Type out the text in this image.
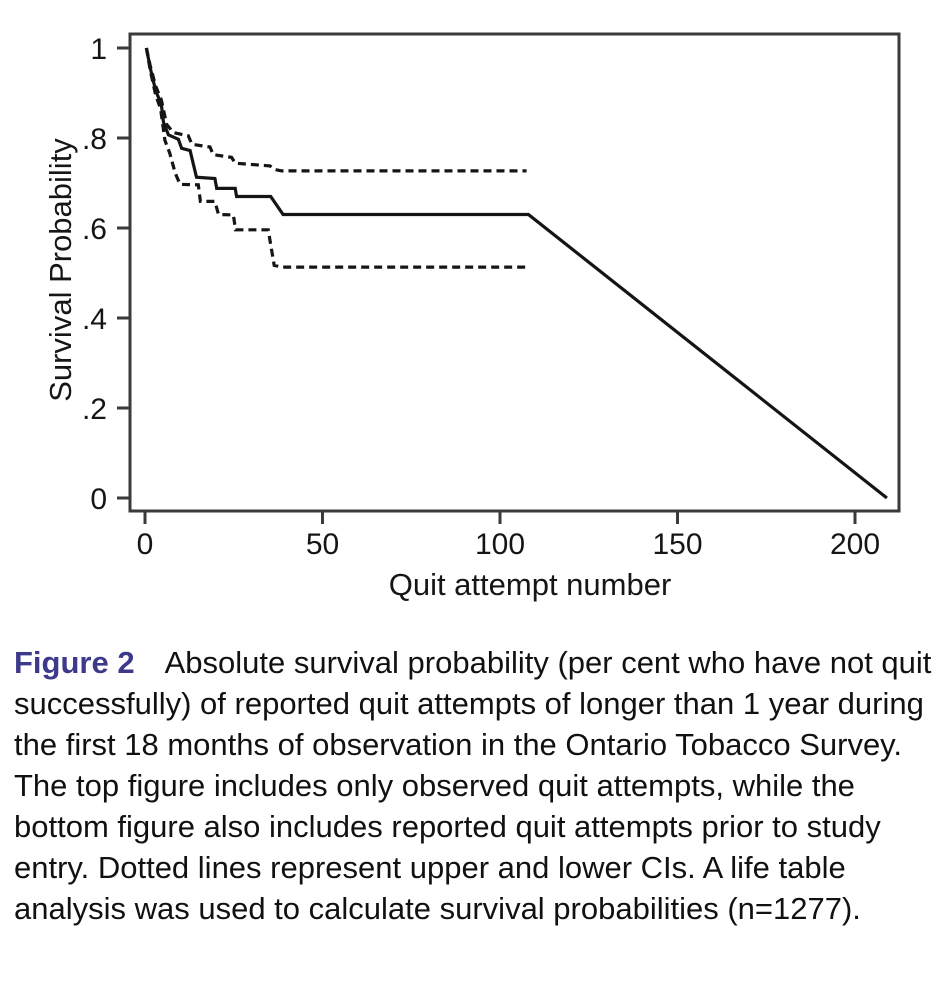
1
.8
.6
.4
.2
0
0	50	100	150	200
Survival Probability
Quit attempt number

Figure 2 Absolute survival probability (per cent who have not quit successfully) of reported quit attempts of longer than 1 year during the first 18 months of observation in the Ontario Tobacco Survey. The top figure includes only observed quit attempts, while the bottom figure also includes reported quit attempts prior to study entry. Dotted lines represent upper and lower CIs. A life table analysis was used to calculate survival probabilities (n=1277).
